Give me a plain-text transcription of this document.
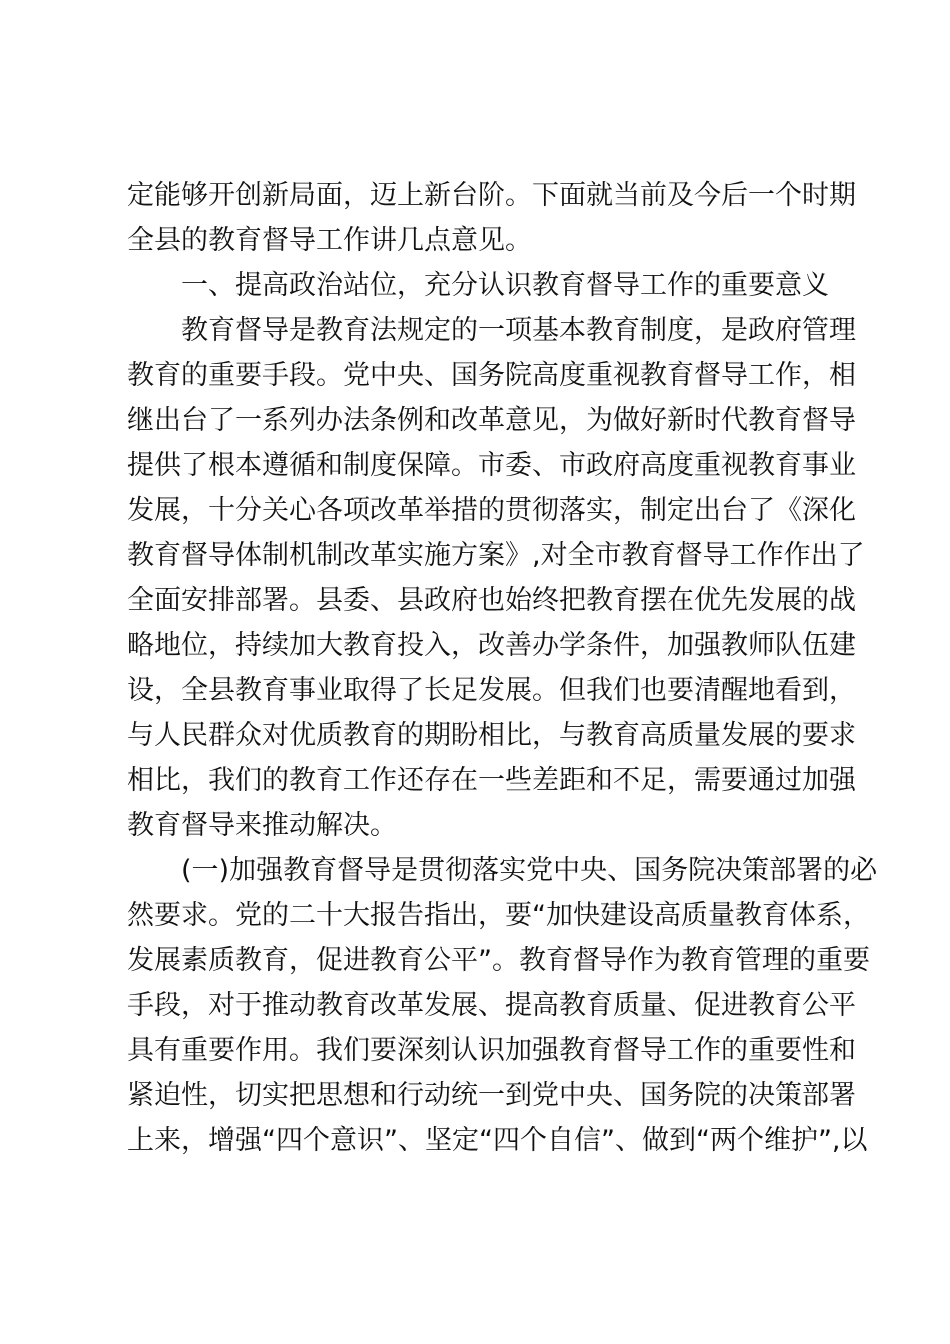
定能够开创新局面，迈上新台阶。下面就当前及今后一个时期
全县的教育督导工作讲几点意见。
一、提高政治站位，充分认识教育督导工作的重要意义
教育督导是教育法规定的一项基本教育制度，是政府管理
教育的重要手段。党中央、国务院高度重视教育督导工作，相
继出台了一系列办法条例和改革意见，为做好新时代教育督导
提供了根本遵循和制度保障。市委、市政府高度重视教育事业
发展，十分关心各项改革举措的贯彻落实，制定出台了《深化
教育督导体制机制改革实施方案》,对全市教育督导工作作出了
全面安排部署。县委、县政府也始终把教育摆在优先发展的战
略地位，持续加大教育投入，改善办学条件，加强教师队伍建
设，全县教育事业取得了长足发展。但我们也要清醒地看到，
与人民群众对优质教育的期盼相比，与教育高质量发展的要求
相比，我们的教育工作还存在一些差距和不足，需要通过加强
教育督导来推动解决。
(一)加强教育督导是贯彻落实党中央、国务院决策部署的必
然要求。党的二十大报告指出，要“加快建设高质量教育体系，
发展素质教育，促进教育公平”。教育督导作为教育管理的重要
手段，对于推动教育改革发展、提高教育质量、促进教育公平
具有重要作用。我们要深刻认识加强教育督导工作的重要性和
紧迫性，切实把思想和行动统一到党中央、国务院的决策部署
上来，增强“四个意识”、坚定“四个自信”、做到“两个维护”,以
